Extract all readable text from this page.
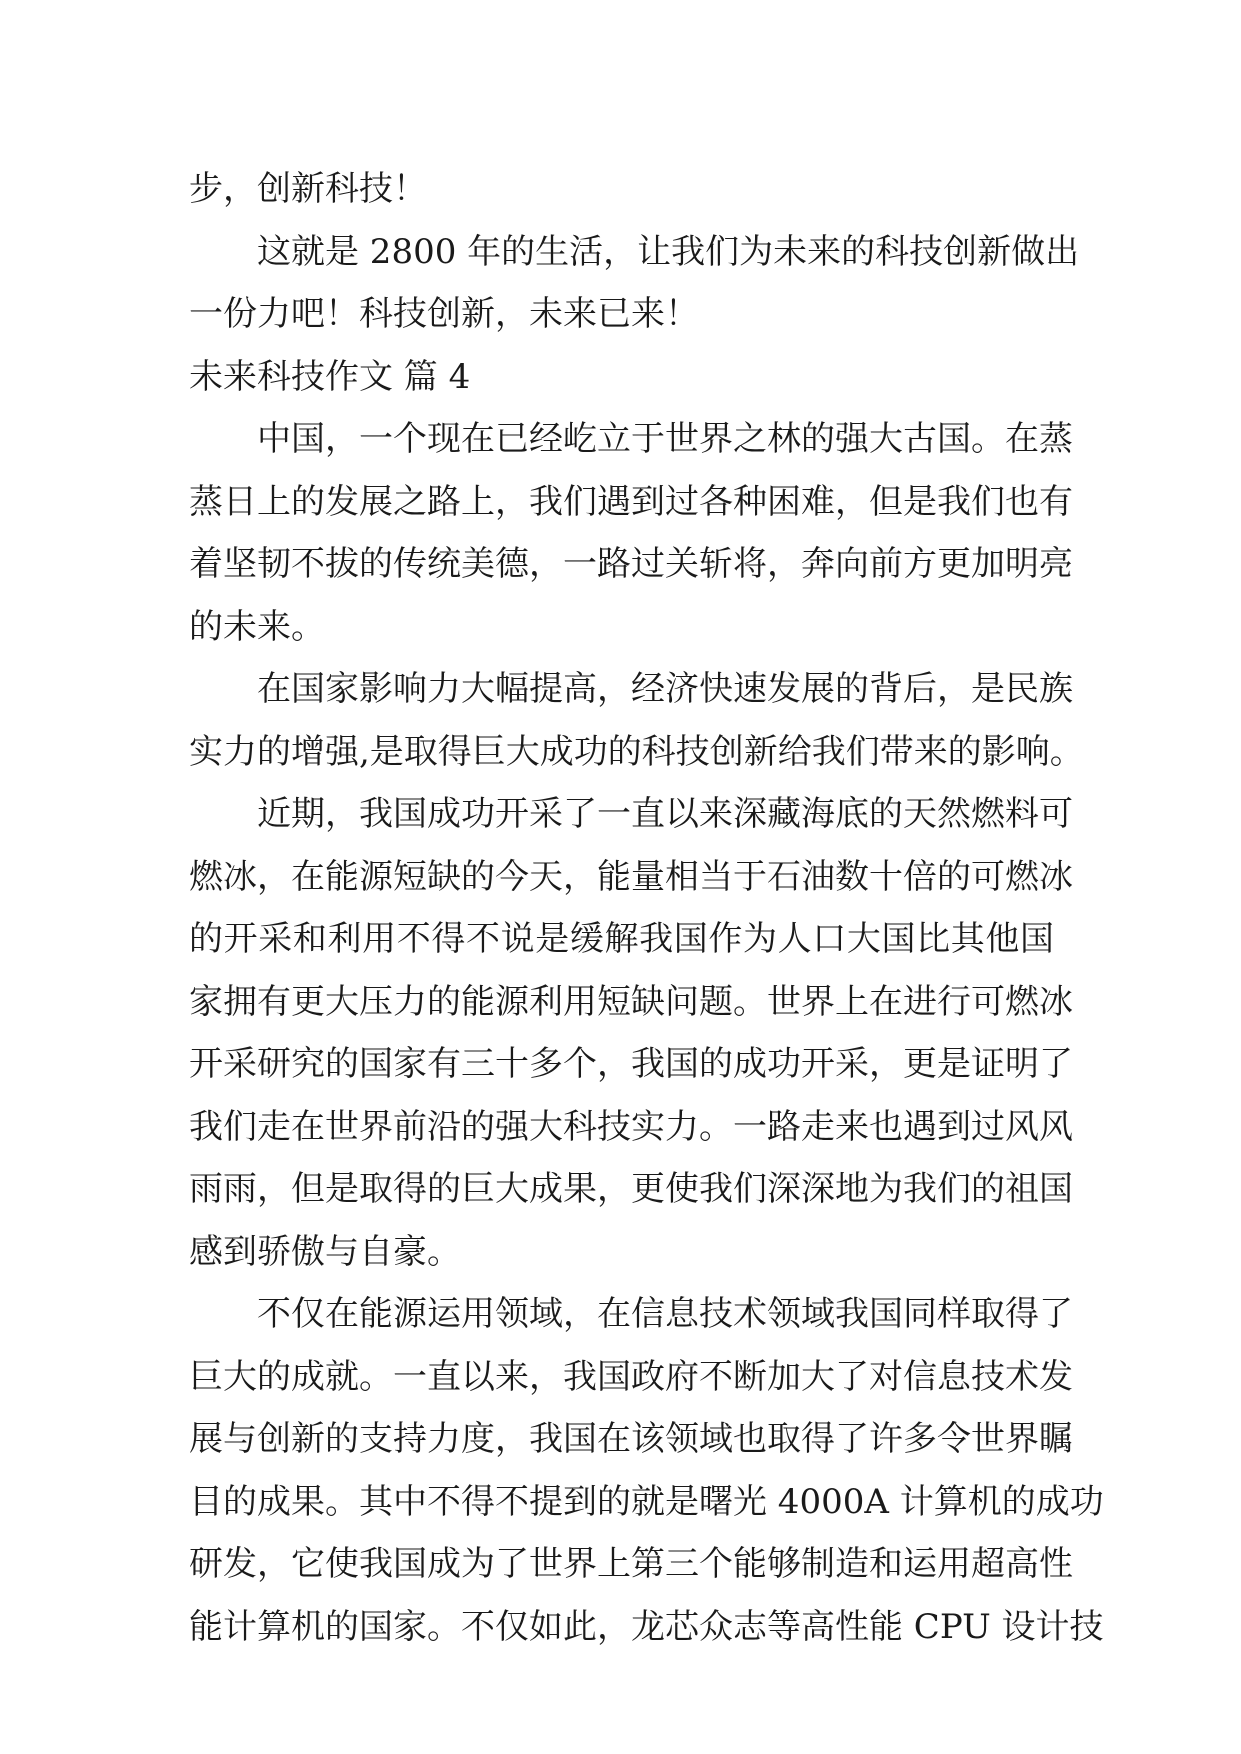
步，创新科技！
这就是 2800 年的生活，让我们为未来的科技创新做出
一份力吧！科技创新，未来已来！
未来科技作文 篇 4
中国，一个现在已经屹立于世界之林的强大古国。在蒸
蒸日上的发展之路上，我们遇到过各种困难，但是我们也有
着坚韧不拔的传统美德，一路过关斩将，奔向前方更加明亮
的未来。
在国家影响力大幅提高，经济快速发展的背后，是民族
实力的增强,是取得巨大成功的科技创新给我们带来的影响。
近期，我国成功开采了一直以来深藏海底的天然燃料可
燃冰，在能源短缺的今天，能量相当于石油数十倍的可燃冰
的开采和利用不得不说是缓解我国作为人口大国比其他国
家拥有更大压力的能源利用短缺问题。世界上在进行可燃冰
开采研究的国家有三十多个，我国的成功开采，更是证明了
我们走在世界前沿的强大科技实力。一路走来也遇到过风风
雨雨，但是取得的巨大成果，更使我们深深地为我们的祖国
感到骄傲与自豪。
不仅在能源运用领域，在信息技术领域我国同样取得了
巨大的成就。一直以来，我国政府不断加大了对信息技术发
展与创新的支持力度，我国在该领域也取得了许多令世界瞩
目的成果。其中不得不提到的就是曙光 4000A 计算机的成功
研发，它使我国成为了世界上第三个能够制造和运用超高性
能计算机的国家。不仅如此，龙芯众志等高性能 CPU 设计技
